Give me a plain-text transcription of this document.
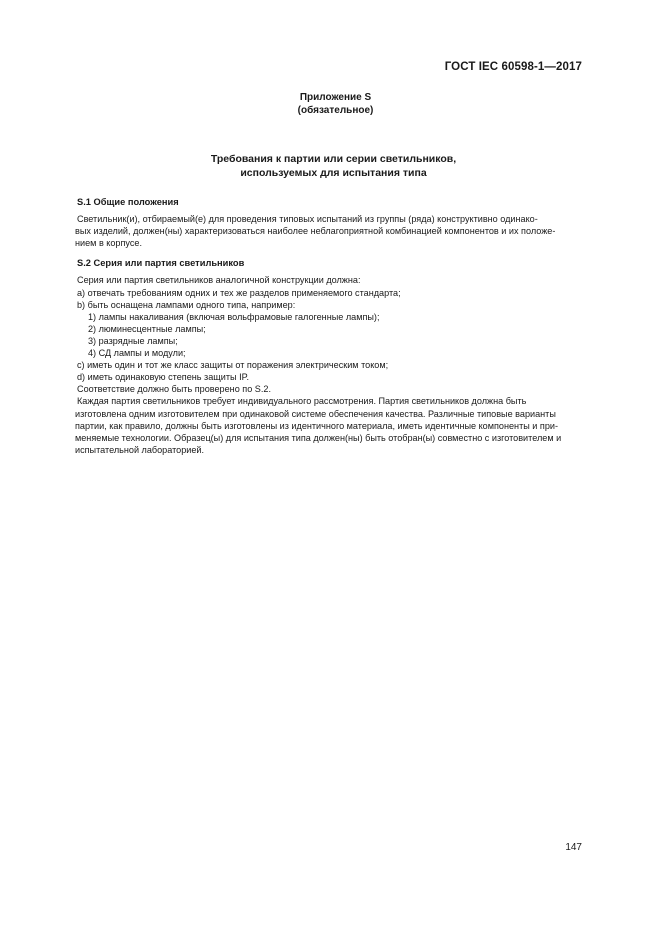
ГОСТ IEC 60598-1—2017
Приложение S
(обязательное)
Требования к партии или серии светильников,
используемых для испытания типа
S.1 Общие положения
Светильник(и), отбираемый(е) для проведения типовых испытаний из группы (ряда) конструктивно одинако-
вых изделий, должен(ны) характеризоваться наиболее неблагоприятной комбинацией компонентов и их положе-
нием в корпусе.
S.2 Серия или партия светильников
Серия или партия светильников аналогичной конструкции должна:
а) отвечать требованиям одних и тех же разделов применяемого стандарта;
b) быть оснащена лампами одного типа, например:
1) лампы накаливания (включая вольфрамовые галогенные лампы);
2) люминесцентные лампы;
3) разрядные лампы;
4) СД лампы и модули;
с) иметь один и тот же класс защиты от поражения электрическим током;
d) иметь одинаковую степень защиты IP.
Соответствие должно быть проверено по S.2.
Каждая партия светильников требует индивидуального рассмотрения. Партия светильников должна быть
изготовлена одним изготовителем при одинаковой системе обеспечения качества. Различные типовые варианты
партии, как правило, должны быть изготовлены из идентичного материала, иметь идентичные компоненты и при-
меняемые технологии. Образец(ы) для испытания типа должен(ны) быть отобран(ы) совместно с изготовителем и
испытательной лабораторией.
147
